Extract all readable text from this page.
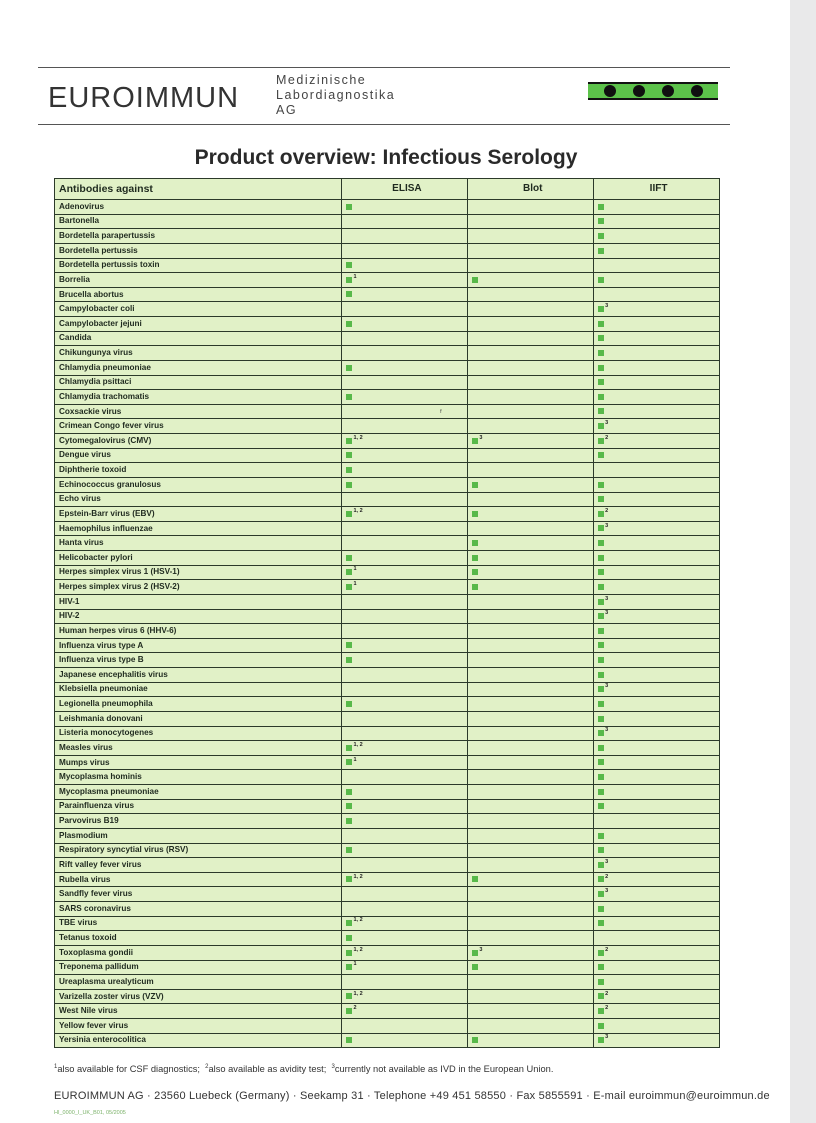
EUROIMMUN
Medizinische
Labordiagnostika
AG
Product overview: Infectious Serology
Antibodies against	ELISA	Blot	IIFT
Adenovirus			
Bartonella			
Bordetella parapertussis			
Bordetella pertussis			
Bordetella pertussis toxin			
Borrelia	$^1$		
Brucella abortus			
Campylobacter coli			$^3$
Campylobacter jejuni			
Candida			
Chikungunya virus			
Chlamydia pneumoniae			
Chlamydia psittaci			
Chlamydia trachomatis			
Coxsackie virus			
Crimean Congo fever virus			$^3$
Cytomegalovirus (CMV)	$^{1, 2}$	$^3$	$^2$
Dengue virus			
Diphtherie toxoid			
Echinococcus granulosus			
Echo virus			
Epstein-Barr virus (EBV)	$^{1, 2}$		$^2$
Haemophilus influenzae			$^3$
Hanta virus			
Helicobacter pylori			
Herpes simplex virus 1 (HSV-1)	$^1$		
Herpes simplex virus 2 (HSV-2)	$^1$		
HIV-1			$^3$
HIV-2			$^3$
Human herpes virus 6 (HHV-6)			
Influenza virus type A			
Influenza virus type B			
Japanese encephalitis virus			
Klebsiella pneumoniae			$^3$
Legionella pneumophila			
Leishmania donovani			
Listeria monocytogenes			$^3$
Measles virus	$^{1, 2}$		
Mumps virus	$^1$		
Mycoplasma hominis			
Mycoplasma pneumoniae			
Parainfluenza virus			
Parvovirus B19			
Plasmodium			
Respiratory syncytial virus (RSV)			
Rift valley fever virus			$^3$
Rubella virus	$^{1, 2}$		$^2$
Sandfly fever virus			$^3$
SARS coronavirus			
TBE virus	$^{1, 2}$		
Tetanus toxoid			
Toxoplasma gondii	$^{1, 2}$	$^3$	$^2$
Treponema pallidum	$^1$		
Ureaplasma urealyticum			
Varizella zoster virus (VZV)	$^{1, 2}$		$^2$
West Nile virus	$^2$		$^2$
Yellow fever virus			
Yersinia enterocolitica			$^3$
ᶠ
$^1$also available for CSF diagnostics; $^2$also available as avidity test; $^3$currently not available as IVD in the European Union.
EUROIMMUN AG · 23560 Luebeck (Germany) · Seekamp 31 · Telephone +49 451 58550 · Fax 5855591 · E-mail euroimmun@euroimmun.de
HI_0000_I_UK_B01, 05/2005
